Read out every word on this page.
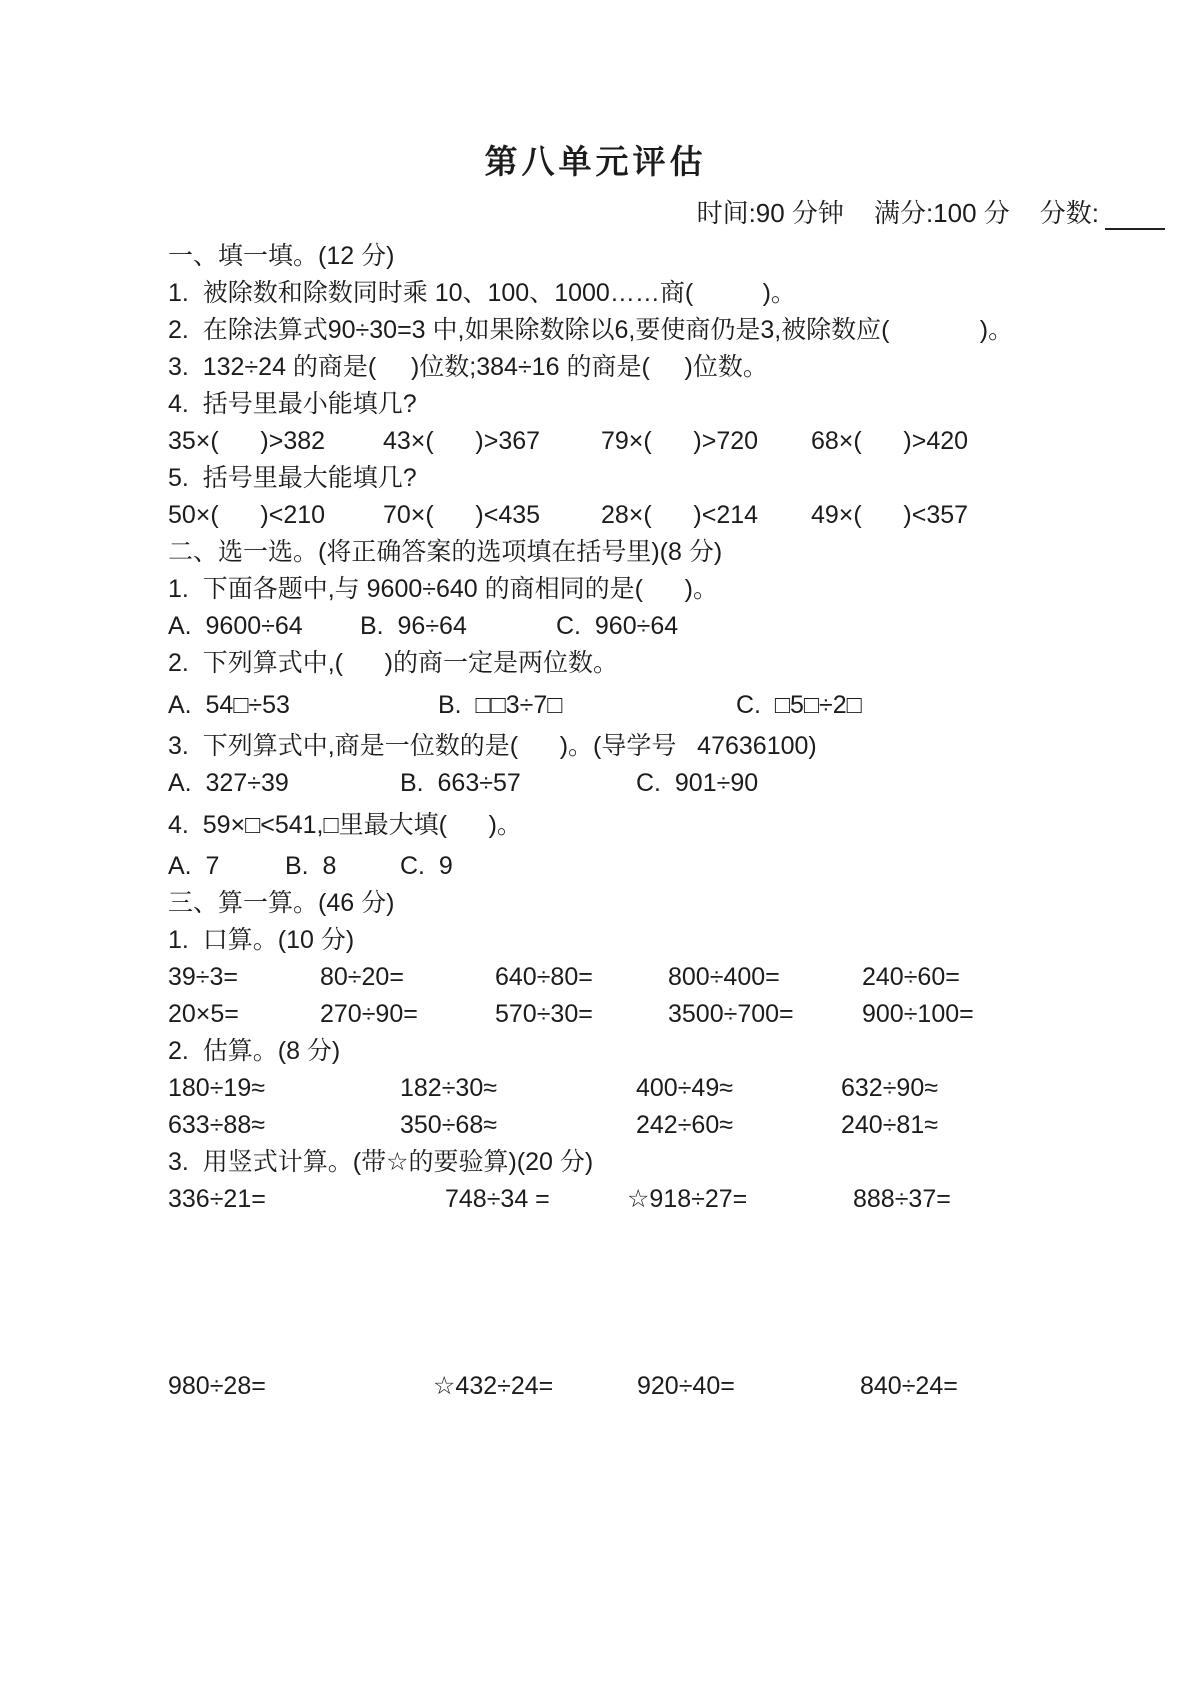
第八单元评估
时间:90 分钟 满分:100 分 分数:
一、填一填。(12 分)
1.  被除数和除数同时乘 10、100、1000……商(          )。
2.  在除法算式90÷30=3 中,如果除数除以6,要使商仍是3,被除数应(             )。
3.  132÷24 的商是(     )位数;384÷16 的商是(     )位数。
4.  括号里最小能填几?
35×(      )>382	43×(      )>367	79×(      )>720	68×(      )>420
5.  括号里最大能填几?
50×(      )<210	70×(      )<435	28×(      )<214	49×(      )<357
二、选一选。(将正确答案的选项填在括号里)(8 分)
1.  下面各题中,与 9600÷640 的商相同的是(      )。
A.  9600÷64	B.  96÷64	C.  960÷64
2.  下列算式中,(      )的商一定是两位数。
A.  54□÷53	B.  □□3÷7□	C.  □5□÷2□
3.  下列算式中,商是一位数的是(      )。(导学号   47636100)
A.  327÷39	B.  663÷57	C.  901÷90
4.  59×□<541,□里最大填(      )。
A.  7	B.  8	C.  9
三、算一算。(46 分)
1.  口算。(10 分)
39÷3=	80÷20=	640÷80=	800÷400=	240÷60=
20×5=	270÷90=	570÷30=	3500÷700=	900÷100=
2.  估算。(8 分)
180÷19≈	182÷30≈	400÷49≈	632÷90≈
633÷88≈	350÷68≈	242÷60≈	240÷81≈
3.  用竖式计算。(带☆的要验算)(20 分)
336÷21=	748÷34 =	☆918÷27=	888÷37=
980÷28=	☆432÷24=	920÷40=	840÷24=
